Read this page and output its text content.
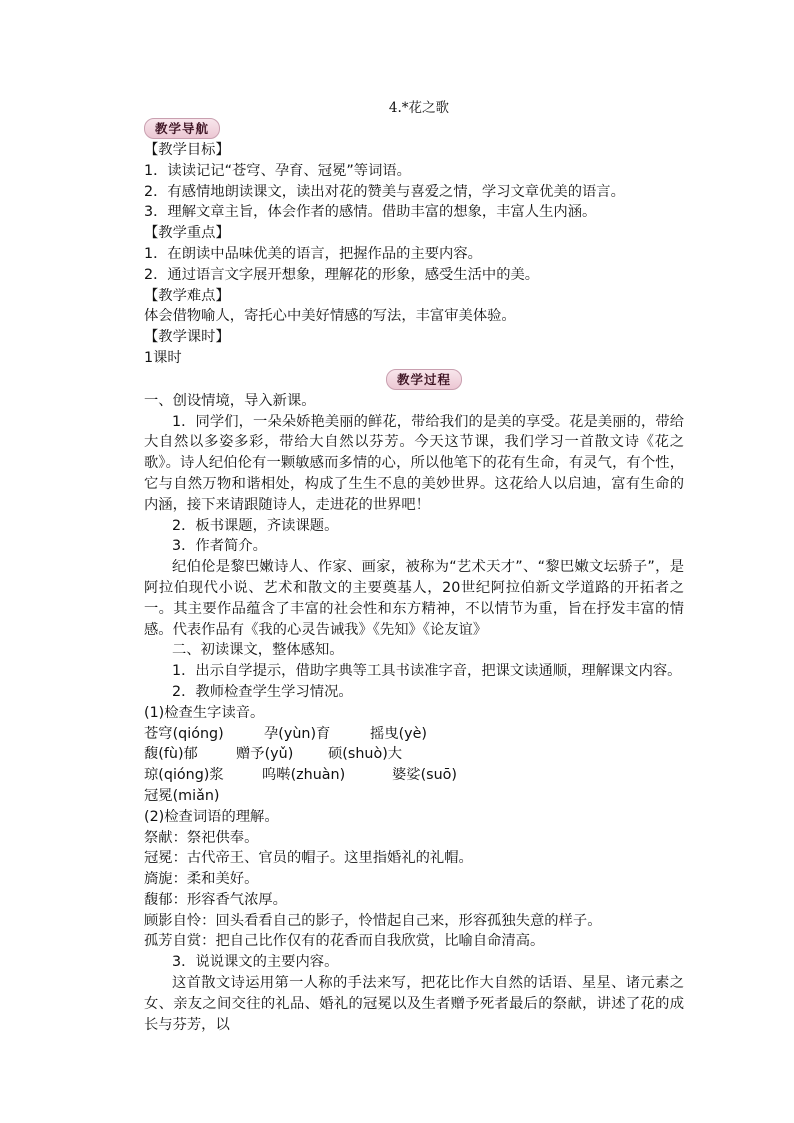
4.*花之歌
教学导航
【教学目标】
1．读读记记“苍穹、孕育、冠冕”等词语。
2．有感情地朗读课文，读出对花的赞美与喜爱之情，学习文章优美的语言。
3．理解文章主旨，体会作者的感情。借助丰富的想象，丰富人生内涵。
【教学重点】
1．在朗读中品味优美的语言，把握作品的主要内容。
2．通过语言文字展开想象，理解花的形象，感受生活中的美。
【教学难点】
体会借物喻人，寄托心中美好情感的写法，丰富审美体验。
【教学课时】
1课时
教学过程
一、创设情境，导入新课。
1．同学们，一朵朵娇艳美丽的鲜花，带给我们的是美的享受。花是美丽的，带给大自然以多姿多彩，带给大自然以芬芳。今天这节课，我们学习一首散文诗《花之歌》。诗人纪伯伦有一颗敏感而多情的心，所以他笔下的花有生命，有灵气，有个性，它与自然万物和谐相处，构成了生生不息的美妙世界。这花给人以启迪，富有生命的内涵，接下来请跟随诗人，走进花的世界吧！
2．板书课题，齐读课题。
3．作者简介。
纪伯伦是黎巴嫩诗人、作家、画家，被称为“艺术天才”、“黎巴嫩文坛骄子”，是阿拉伯现代小说、艺术和散文的主要奠基人，20世纪阿拉伯新文学道路的开拓者之一。其主要作品蕴含了丰富的社会性和东方精神，不以情节为重，旨在抒发丰富的情感。代表作品有《我的心灵告诫我》《先知》《论友谊》
二、初读课文，整体感知。
1．出示自学提示，借助字典等工具书读准字音，把课文读通顺，理解课文内容。
2．教师检查学生学习情况。
(1)检查生字读音。
苍穹(qióng)	孕(yùn)育	摇曳(yè)
馥(fù)郁	赠予(yǔ) 硕(shuò)大
琼(qióng)浆	呜啭(zhuàn)	婆娑(suō)
冠冕(miǎn)
(2)检查词语的理解。
祭献：祭祀供奉。
冠冕：古代帝王、官员的帽子。这里指婚礼的礼帽。
旖旎：柔和美好。
馥郁：形容香气浓厚。
顾影自怜：回头看看自己的影子，怜惜起自己来，形容孤独失意的样子。
孤芳自赏：把自己比作仅有的花香而自我欣赏，比喻自命清高。
3．说说课文的主要内容。
这首散文诗运用第一人称的手法来写，把花比作大自然的话语、星星、诸元素之女、亲友之间交往的礼品、婚礼的冠冕以及生者赠予死者最后的祭献，讲述了花的成长与芬芳，以
